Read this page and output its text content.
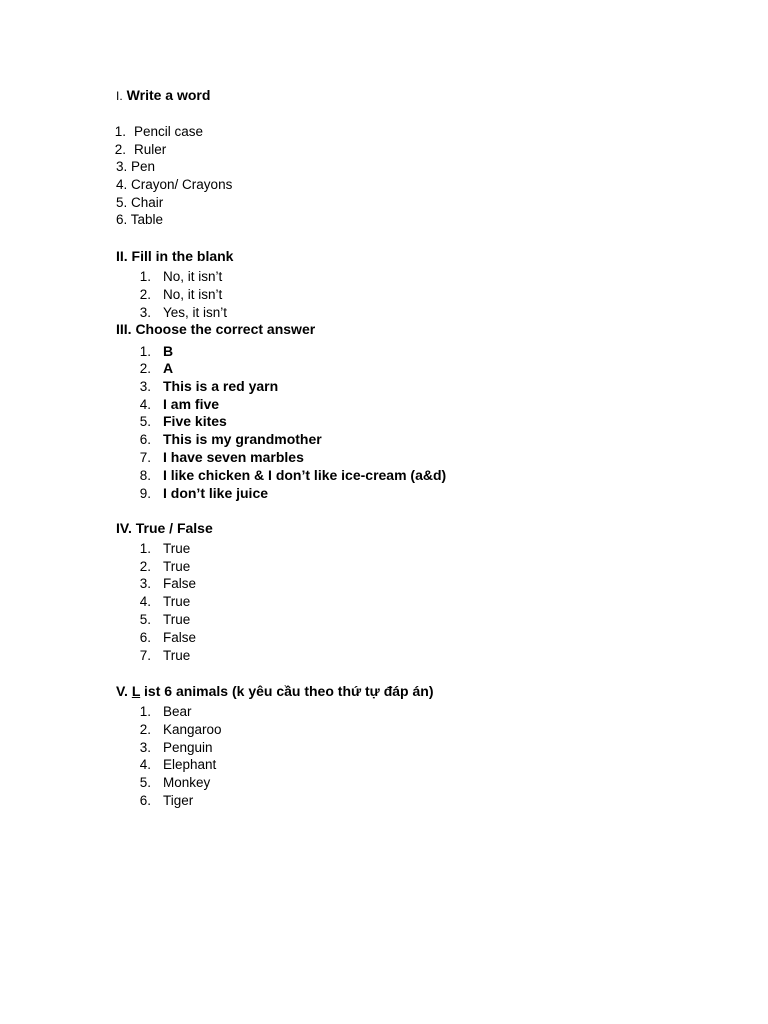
I. Write a word
1. Pencil case
2. Ruler
3. Pen
4. Crayon/ Crayons
5. Chair
6. Table
II. Fill in the blank
1. No, it isn’t
2. No, it isn’t
3. Yes, it isn’t
III. Choose the correct answer
1. B
2. A
3. This is a red yarn
4. I am five
5. Five kites
6. This is my grandmother
7. I have seven marbles
8. I like chicken & I don’t like ice-cream (a&d)
9. I don’t like juice
IV. True / False
1. True
2. True
3. False
4. True
5. True
6. False
7. True
V. L ist 6 animals (k yêu cầu theo thứ tự đáp án)
1. Bear
2. Kangaroo
3. Penguin
4. Elephant
5. Monkey
6. Tiger
